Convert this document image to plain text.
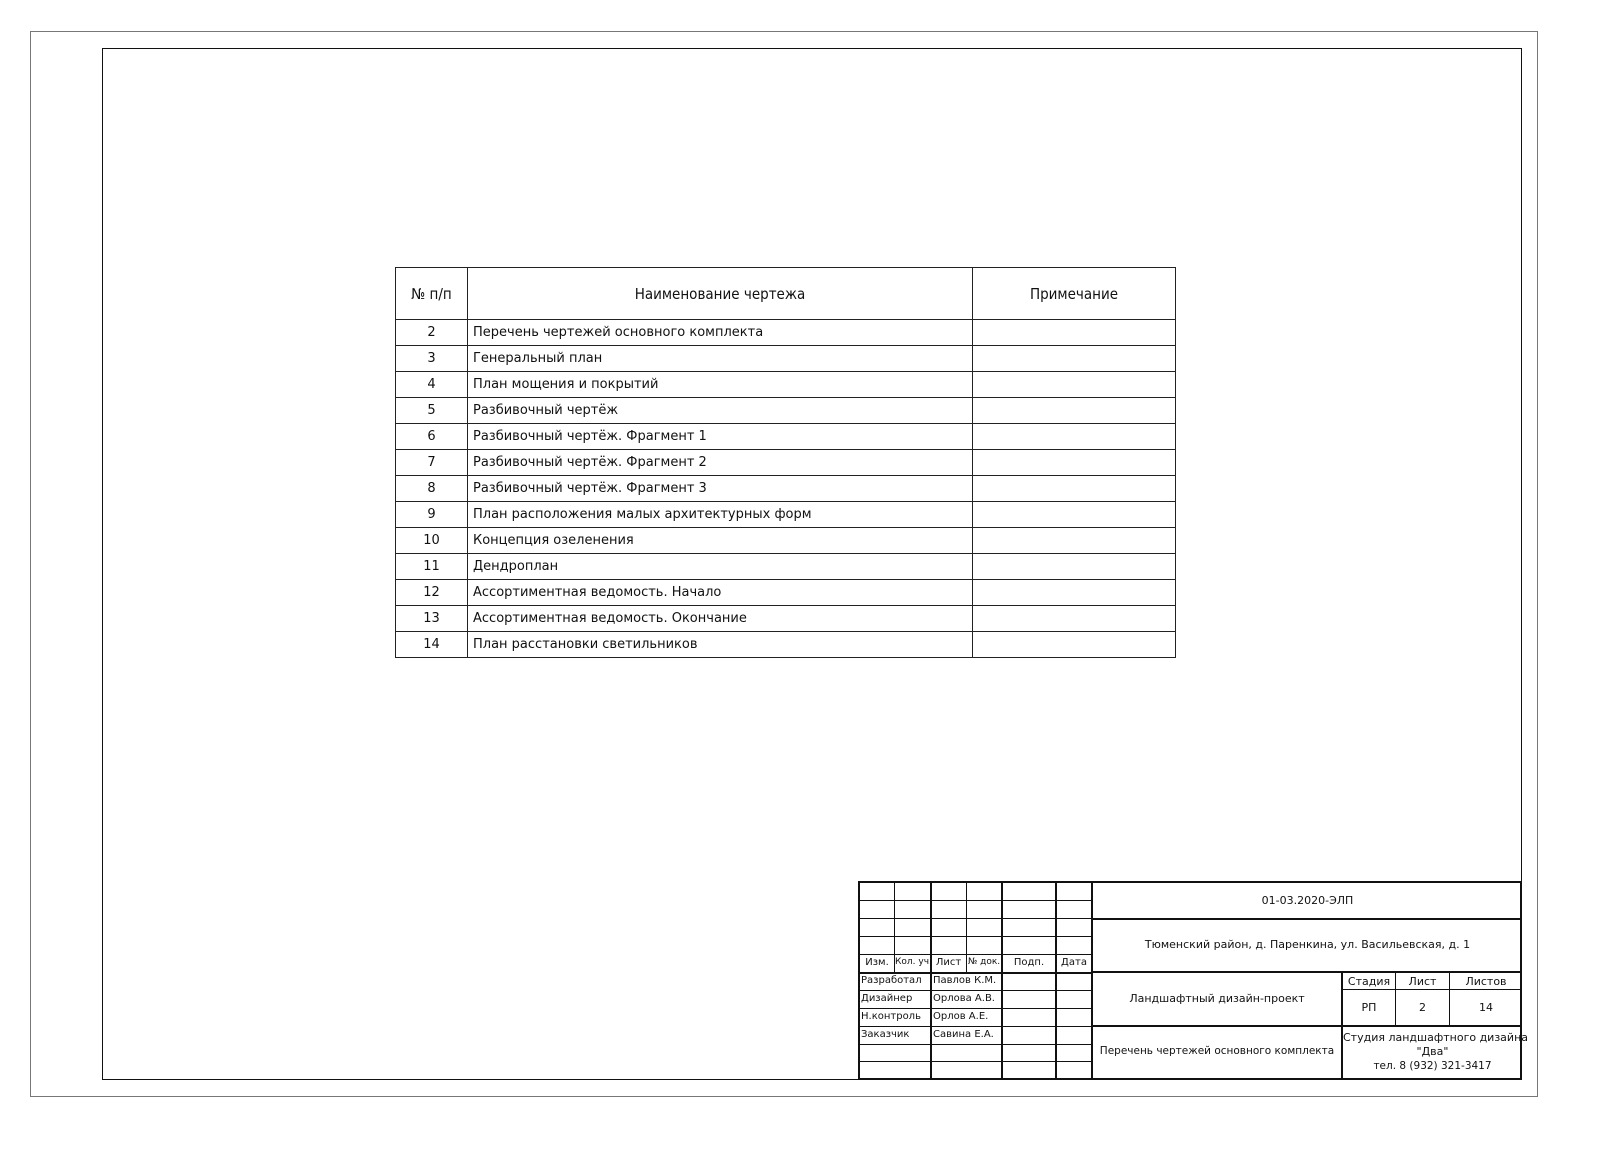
№ п/п	Наименование чертежа	Примечание
2	Перечень чертежей основного комплекта	
3	Генеральный план	
4	План мощения и покрытий	
5	Разбивочный чертёж	
6	Разбивочный чертёж. Фрагмент 1	
7	Разбивочный чертёж. Фрагмент 2	
8	Разбивочный чертёж. Фрагмент 3	
9	План расположения малых архитектурных форм	
10	Концепция озеленения	
11	Дендроплан	
12	Ассортиментная ведомость. Начало	
13	Ассортиментная ведомость. Окончание	
14	План расстановки светильников	
01-03.2020-ЭЛП
Тюменский район, д. Паренкина, ул. Васильевская, д. 1
Ландшафтный дизайн-проект
Перечень чертежей основного комплекта
Изм. Кол. уч. Лист № док.	Подп.	Дата
Разработал Павлов К.М.
Дизайнер Орлова А.В.
Н.контроль Орлов А.Е.
Заказчик Савина Е.А.
Стадия	Лист	Листов
РП	2	14
Студия ландшафтного дизайна
"Два"
тел. 8 (932) 321-3417
